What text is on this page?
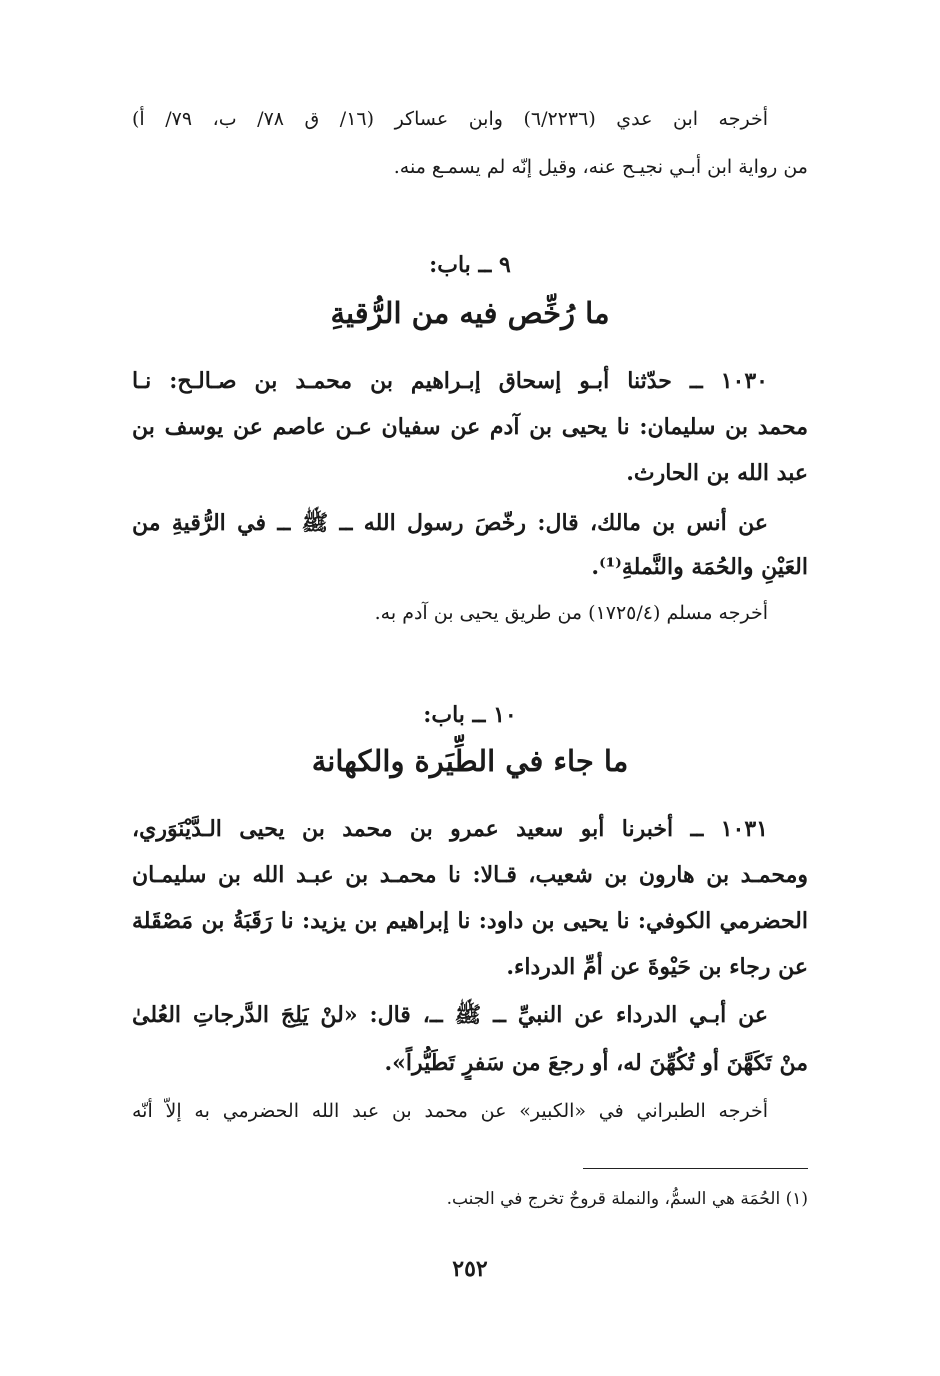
أخرجه ابن عدي (٦/٢٢٣٦) وابن عساكر (١٦/ ق ٧٨/ ب، ٧٩/ أ)
من رواية ابن أبـي نجيـح عنه، وقيل إنّه لم يسمـع منه.
٩ ــ باب:
ما رُخِّص فيه من الرُّقيةِ
١٠٣٠ ــ حدّثنا أبـو إسحاق إبـراهيم بن محمـد بن صـالـح: نـا
محمد بن سليمان: نا يحيى بن آدم عن سفيان عـن عاصم عن يوسف بن
عبد الله بن الحارث.
عن أنس بن مالك، قال: رخّصَ رسول الله ــ ﷺ ــ في الرُّقيةِ من
العَيْنِ والحُمَة والنَّملةِ⁽¹⁾.
أخرجه مسلم (١٧٢٥/٤) من طريق يحيى بن آدم به.
١٠ ــ باب:
ما جاء في الطِّيَرة والكهانة
١٠٣١ ــ أخبرنا أبو سعيد عمرو بن محمد بن يحيى الـدَّيْنَوَري،
ومحمـد بن هارون بن شعيب، قـالا: نا محمـد بن عبـد الله بن سليمـان
الحضرمي الكوفي: نا يحيى بن داود: نا إبراهيم بن يزيد: نا رَقَبَةُ بن مَصْقَلة
عن رجاء بن حَيْوةَ عن أمِّ الدرداء.
عن أبـي الدرداء عن النبيِّ ــ ﷺ ــ، قال: «لنْ يَلِجَ الدَّرجاتِ العُلىٰ
منْ تَكَهَّنَ أو تُكُهِّنَ له، أو رجعَ من سَفرٍ تَطَيُّراً».
أخرجه الطبراني في «الكبير» عن محمد بن عبد الله الحضرمي به إلاّ أنّه
(١) الحُمَة هي السمُّ، والنملة قروحٌ تخرج في الجنب.
٢٥٢
